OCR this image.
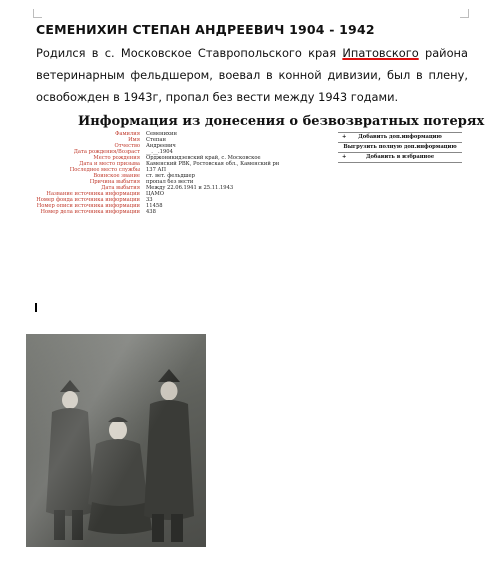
СЕМЕНИХИН СТЕПАН АНДРЕЕВИЧ 1904 - 1942
Родился в с. Московское Ставропольского края Ипатовского района ветеринарным фельдшером, воевал в конной дивизии, был в плену, освобожден в 1943г, пропал без вести между 1943 годами.
Информация из донесения о безвозвратных потерях
Фамилия	Семенихин
Имя	Степан
Отчество	Андреевич
Дата рождения/Возраст	__.__.1904
Место рождения	Орджоникидзевский край, с. Московское
Дата и место призыва	Каменский РВК, Ростовская обл., Каменский рн
Последнее место службы	137 АП
Воинское звание	ст. вет. фельдшер
Причина выбытия	пропал без вести
Дата выбытия	Между 22.06.1941 и 25.11.1943
Название источника информации	ЦАМО
Номер фонда источника информации	33
Номер описи источника информации	11458
Номер дела источника информации	438
+ Добавить доп.информацию
Выгрузить полную доп.информацию
+	Добавить в избранное
